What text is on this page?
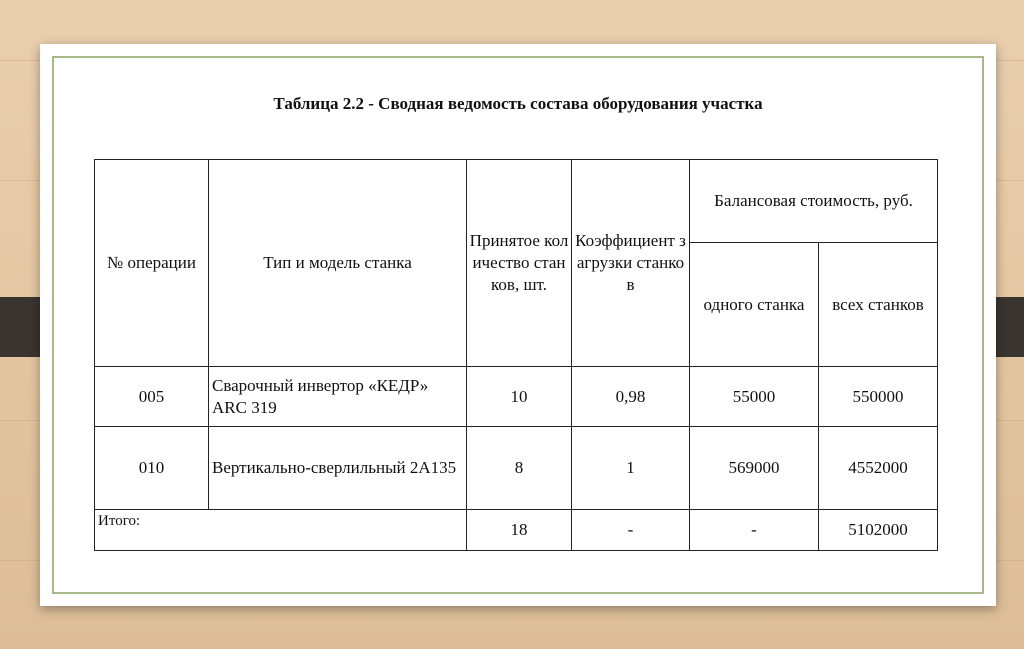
Таблица 2.2 - Сводная ведомость состава оборудования участка
№ операции	Тип и модель станка	Принятое количество станков, шт.	Коэффициент загрузки станков	Балансовая стоимость, руб.	
				одного станка	всех станков
005	Сварочный инвертор «КЕДР» ARC 319	10	0,98	55000	550000
010	Вертикально-сверлильный 2А135	8	1	569000	4552000
Итого:		18	-	-	5102000
